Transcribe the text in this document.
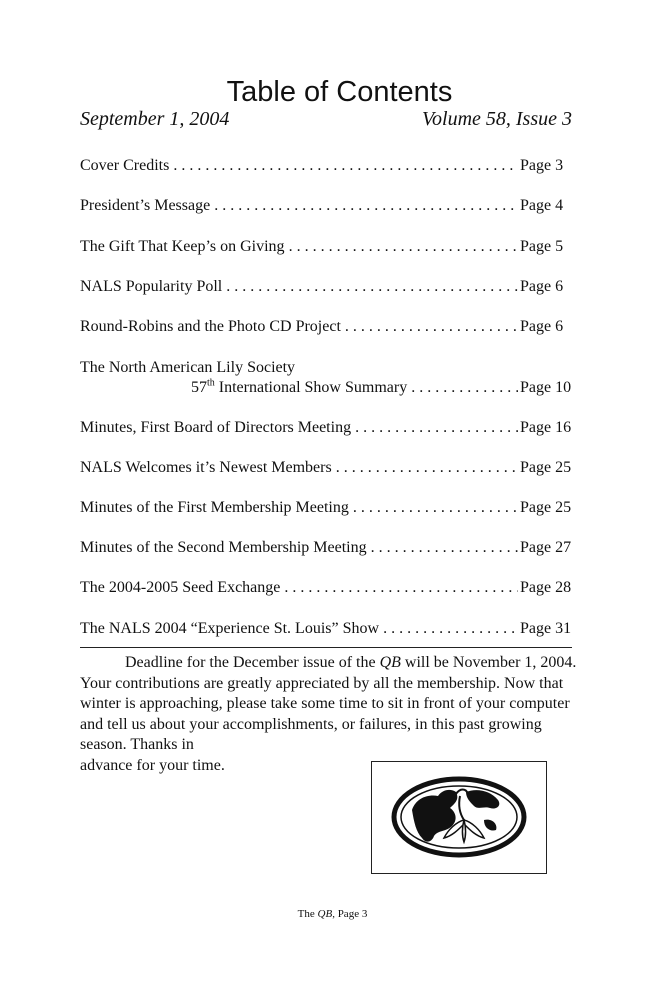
Table of Contents
September 1, 2004	Volume 58, Issue 3
Cover Credits . . .	Page 3
President’s Message . . .	Page 4
The Gift That Keep’s on Giving . . .	Page 5
NALS Popularity Poll . . .	Page 6
Round-Robins and the Photo CD Project . . .	Page 6
The North American Lily Society
57th International Show Summary . . .	Page 10
Minutes, First Board of Directors Meeting . . .	Page 16
NALS Welcomes it’s Newest Members . . .	Page 25
Minutes of the First Membership Meeting . . .	Page 25
Minutes of the Second Membership Meeting . . .	Page 27
The 2004-2005 Seed Exchange . . .	Page 28
The NALS 2004 “Experience St. Louis” Show . . .	Page 31

Deadline for the December issue of the QB will be November 1, 2004. Your contributions are greatly appreciated by all the membership. Now that winter is approaching, please take some time to sit in front of your computer and tell us about your accomplishments, or failures, in this past growing season. Thanks in

advance for your time.

The QB, Page 3
